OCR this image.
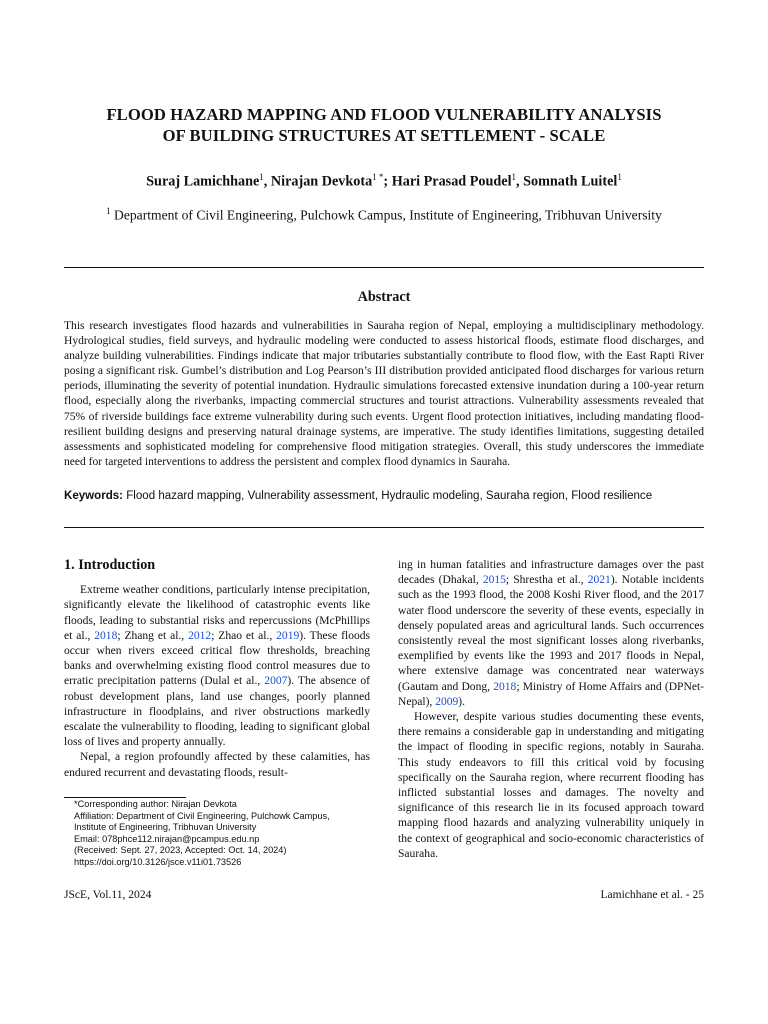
FLOOD HAZARD MAPPING AND FLOOD VULNERABILITY ANALYSIS
OF BUILDING STRUCTURES AT SETTLEMENT - SCALE
Suraj Lamichhane$^1$, Nirajan Devkota$^{1 *}$; Hari Prasad Poudel$^1$, Somnath Luitel$^1$
$^1$ Department of Civil Engineering, Pulchowk Campus, Institute of Engineering, Tribhuvan University
Abstract
This research investigates flood hazards and vulnerabilities in Sauraha region of Nepal, employing a multidisciplinary methodology. Hydrological studies, field surveys, and hydraulic modeling were conducted to assess historical floods, estimate flood discharges, and analyze building vulnerabilities. Findings indicate that major tributaries substantially contribute to flood flow, with the East Rapti River posing a significant risk. Gumbel’s distribution and Log Pearson’s III distribution provided anticipated flood discharges for various return periods, illuminating the severity of potential inundation. Hydraulic simulations forecasted extensive inundation during a 100-year return flood, especially along the riverbanks, impacting commercial structures and tourist attractions. Vulnerability assessments revealed that 75% of riverside buildings face extreme vulnerability during such events. Urgent flood protection initiatives, including mandating flood-resilient building designs and preserving natural drainage systems, are imperative. The study identifies limitations, suggesting detailed assessments and sophisticated modeling for comprehensive flood mitigation strategies. Overall, this study underscores the immediate need for targeted interventions to address the persistent and complex flood dynamics in Sauraha.
Keywords: Flood hazard mapping, Vulnerability assessment, Hydraulic modeling, Sauraha region, Flood resilience
1. Introduction

Extreme weather conditions, particularly intense precipitation, significantly elevate the likelihood of catastrophic events like floods, leading to substantial risks and repercussions (McPhillips et al., 2018; Zhang et al., 2012; Zhao et al., 2019). These floods occur when rivers exceed critical flow thresholds, breaching banks and overwhelming existing flood control measures due to erratic precipitation patterns (Dulal et al., 2007). The absence of robust development plans, land use changes, poorly planned infrastructure in floodplains, and river obstructions markedly escalate the vulnerability to flooding, leading to significant global loss of lives and property annually.

Nepal, a region profoundly affected by these calamities, has endured recurrent and devastating floods, result-

ing in human fatalities and infrastructure damages over the past decades (Dhakal, 2015; Shrestha et al., 2021). Notable incidents such as the 1993 flood, the 2008 Koshi River flood, and the 2017 water flood underscore the severity of these events, especially in densely populated areas and agricultural lands. Such occurrences consistently reveal the most significant losses along riverbanks, exemplified by events like the 1993 and 2017 floods in Nepal, where extensive damage was concentrated near waterways (Gautam and Dong, 2018; Ministry of Home Affairs and (DPNet-Nepal), 2009).

However, despite various studies documenting these events, there remains a considerable gap in understanding and mitigating the impact of flooding in specific regions, notably in Sauraha. This study endeavors to fill this critical void by focusing specifically on the Sauraha region, where recurrent flooding has inflicted substantial losses and damages. The novelty and significance of this research lie in its focused approach toward mapping flood hazards and analyzing vulnerability uniquely in the context of geographical and socio-economic characteristics of Sauraha.

*Corresponding author: Nirajan Devkota
Affiliation: Department of Civil Engineering, Pulchowk Campus,
Institute of Engineering, Tribhuvan University
Email: 078phce112.nirajan@pcampus.edu.np
(Received: Sept. 27, 2023, Accepted: Oct. 14, 2024)
https://doi.org/10.3126/jsce.v11i01.73526
JScE, Vol.11, 2024	Lamichhane et al. - 25
